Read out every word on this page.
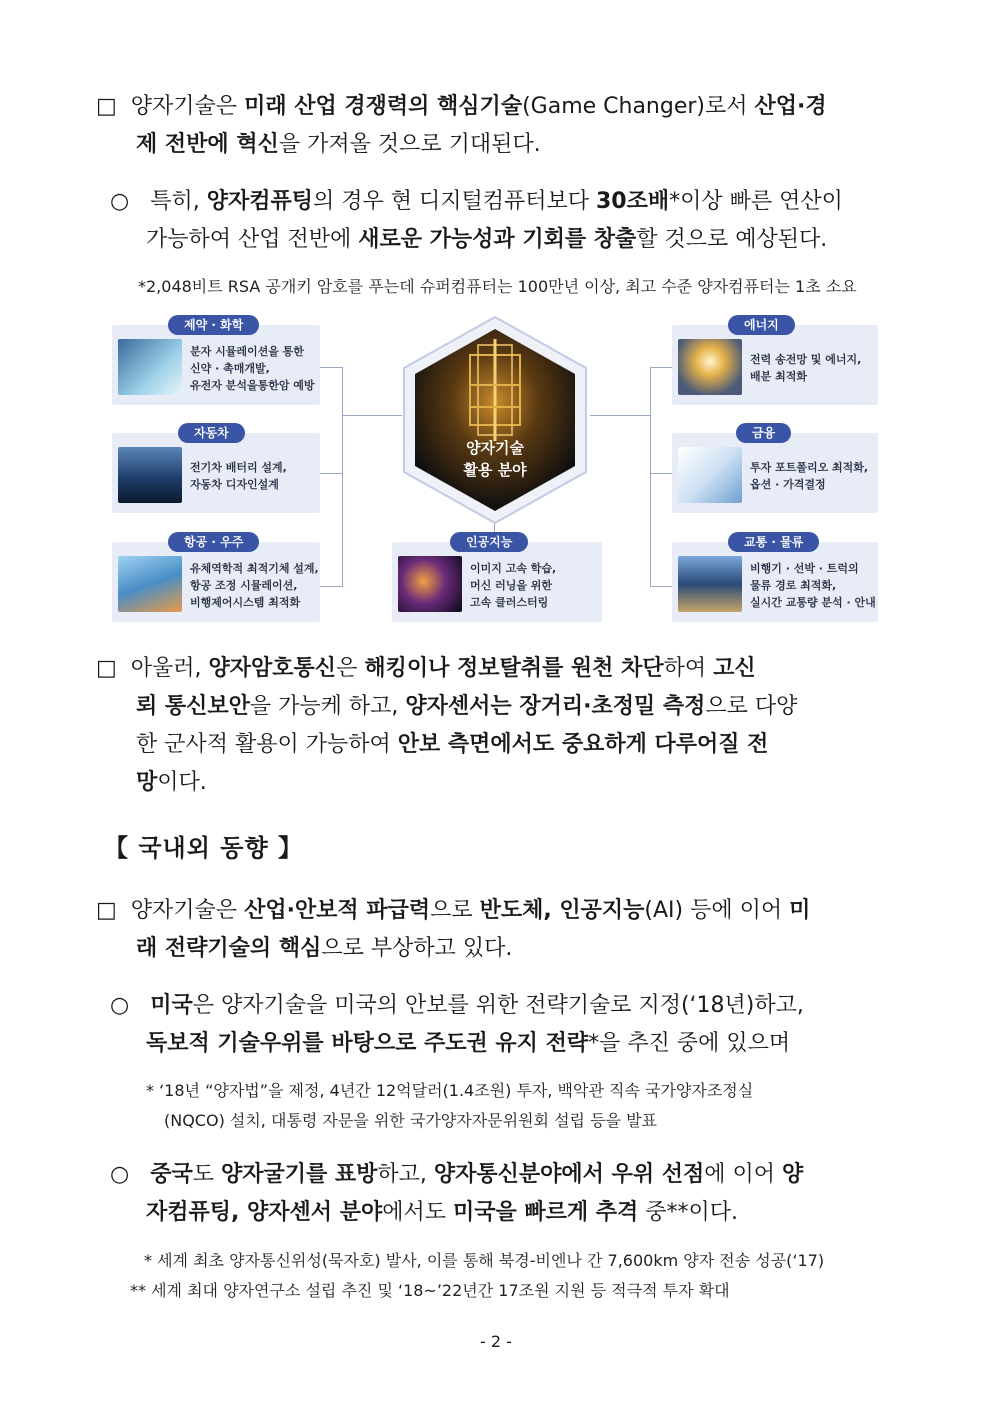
□ 양자기술은 미래 산업 경쟁력의 핵심기술(Game Changer)로서 산업·경
제 전반에 혁신을 가져올 것으로 기대된다.
○ 특히, 양자컴퓨팅의 경우 현 디지털컴퓨터보다 30조배*이상 빠른 연산이
가능하여 산업 전반에 새로운 가능성과 기회를 창출할 것으로 예상된다.
*2,048비트 RSA 공개키 암호를 푸는데 슈퍼컴퓨터는 100만년 이상, 최고 수준 양자컴퓨터는 1초 소요
양자기술
활용 분야
제약 · 화학
분자 시뮬레이션을 통한
신약 · 촉매개발,
유전자 분석을통한암 예방
자동차
전기차 배터리 설계,
자동차 디자인설계
항공 · 우주
유체역학적 최적기체 설계,
항공 조정 시뮬레이션,
비행제어시스템 최적화
인공지능
이미지 고속 학습,
머신 러닝을 위한
고속 클러스터링
에너지
전력 송전망 및 에너지,
배분 최적화
금융
투자 포트폴리오 최적화,
옵션 · 가격결정
교통 · 물류
비행기 · 선박 · 트럭의
물류 경로 최적화,
실시간 교통량 분석 · 안내
□ 아울러, 양자암호통신은 해킹이나 정보탈취를 원천 차단하여 고신
뢰 통신보안을 가능케 하고, 양자센서는 장거리·초정밀 측정으로 다양
한 군사적 활용이 가능하여 안보 측면에서도 중요하게 다루어질 전
망이다.
【 국내외 동향 】
□ 양자기술은 산업·안보적 파급력으로 반도체, 인공지능(AI) 등에 이어 미
래 전략기술의 핵심으로 부상하고 있다.
○ 미국은 양자기술을 미국의 안보를 위한 전략기술로 지정(‘18년)하고,
독보적 기술우위를 바탕으로 주도권 유지 전략*을 추진 중에 있으며
* ‘18년 “양자법”을 제정, 4년간 12억달러(1.4조원) 투자, 백악관 직속 국가양자조정실
(NQCO) 설치, 대통령 자문을 위한 국가양자자문위원회 설립 등을 발표
○ 중국도 양자굴기를 표방하고, 양자통신분야에서 우위 선점에 이어 양
자컴퓨팅, 양자센서 분야에서도 미국을 빠르게 추격 중**이다.
* 세계 최초 양자통신위성(묵자호) 발사, 이를 통해 북경-비엔나 간 7,600km 양자 전송 성공(‘17)
** 세계 최대 양자연구소 설립 추진 및 ‘18~’22년간 17조원 지원 등 적극적 투자 확대
- 2 -
